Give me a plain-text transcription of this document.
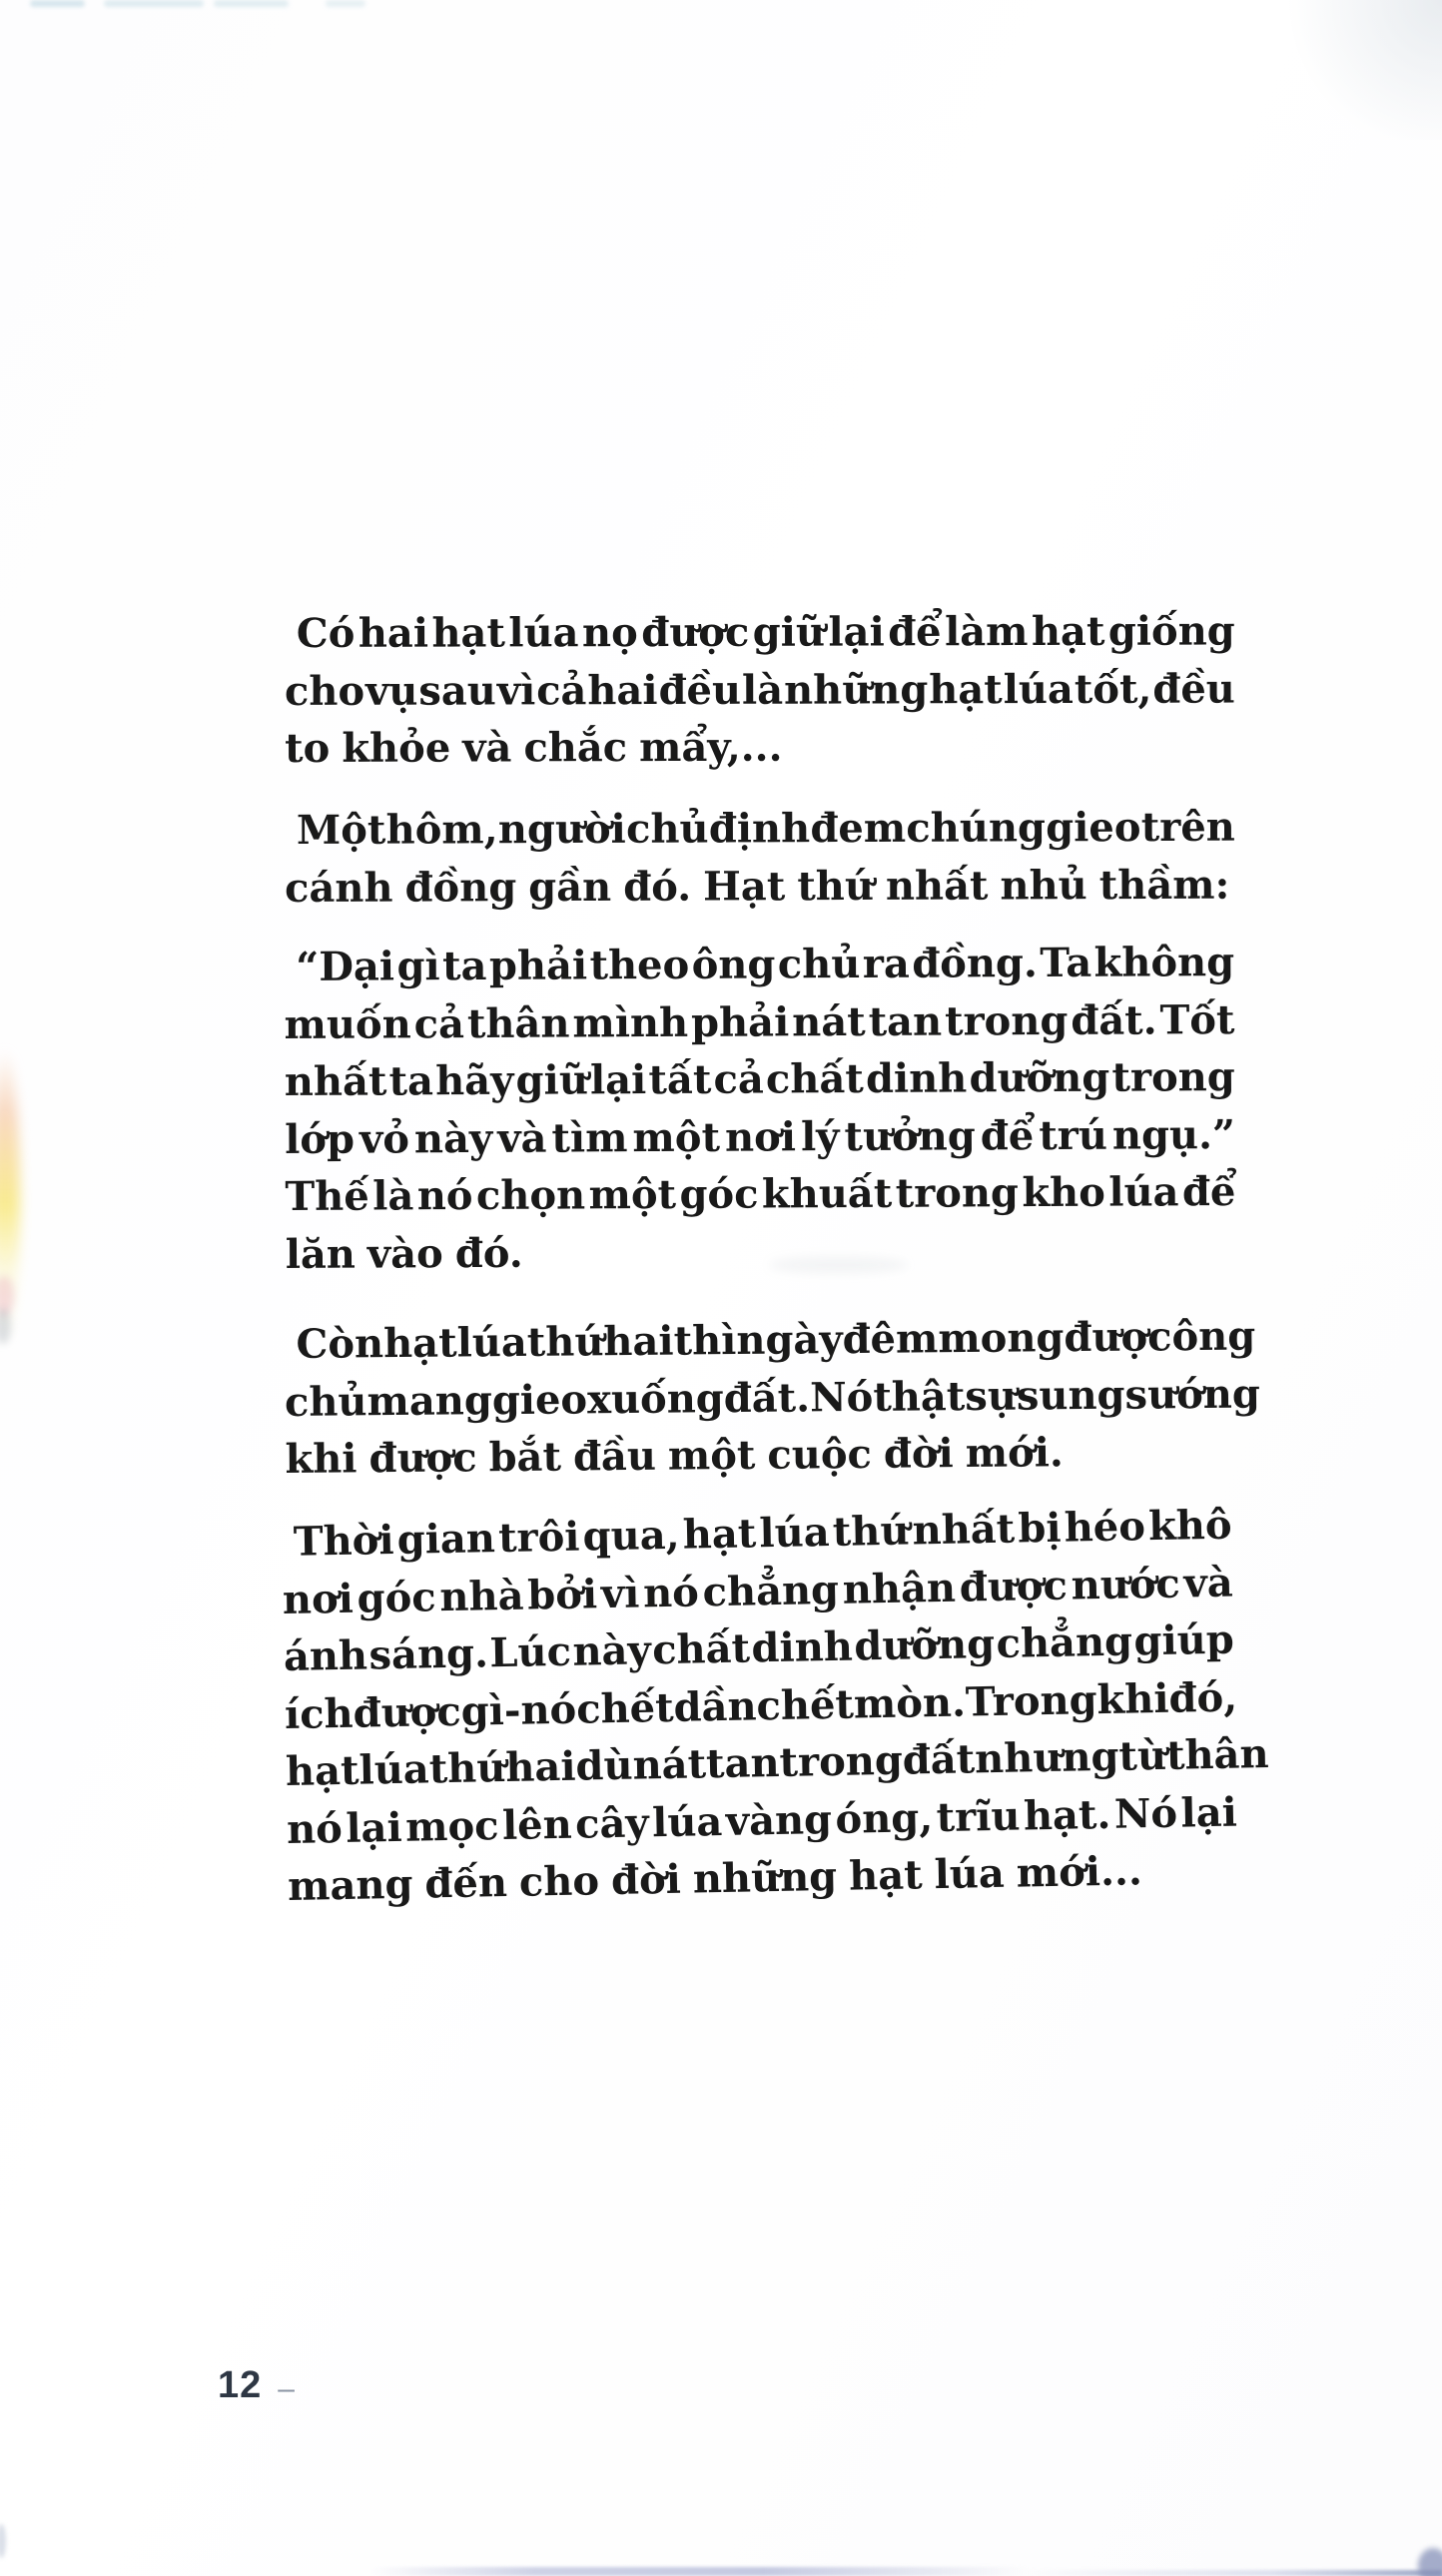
Có hai hạt lúa nọ được giữ lại để làm hạt giống
cho vụ sau vì cả hai đều là những hạt lúa tốt, đều
to khỏe và chắc mẩy,...
Một hôm, người chủ định đem chúng gieo trên
cánh đồng gần đó. Hạt thứ nhất nhủ thầm:
“Dại gì ta phải theo ông chủ ra đồng. Ta không
muốn cả thân mình phải nát tan trong đất. Tốt
nhất ta hãy giữ lại tất cả chất dinh dưỡng trong
lớp vỏ này và tìm một nơi lý tưởng để trú ngụ.”
Thế là nó chọn một góc khuất trong kho lúa để
lăn vào đó.
Còn hạt lúa thứ hai thì ngày đêm mong được ông
chủ mang gieo xuống đất. Nó thật sự sung sướng
khi được bắt đầu một cuộc đời mới.
Thời gian trôi qua, hạt lúa thứ nhất bị héo khô
nơi góc nhà bởi vì nó chẳng nhận được nước và
ánh sáng. Lúc này chất dinh dưỡng chẳng giúp
ích được gì - nó chết dần chết mòn. Trong khi đó,
hạt lúa thứ hai dù nát tan trong đất nhưng từ thân
nó lại mọc lên cây lúa vàng óng, trĩu hạt. Nó lại
mang đến cho đời những hạt lúa mới...
12 –
